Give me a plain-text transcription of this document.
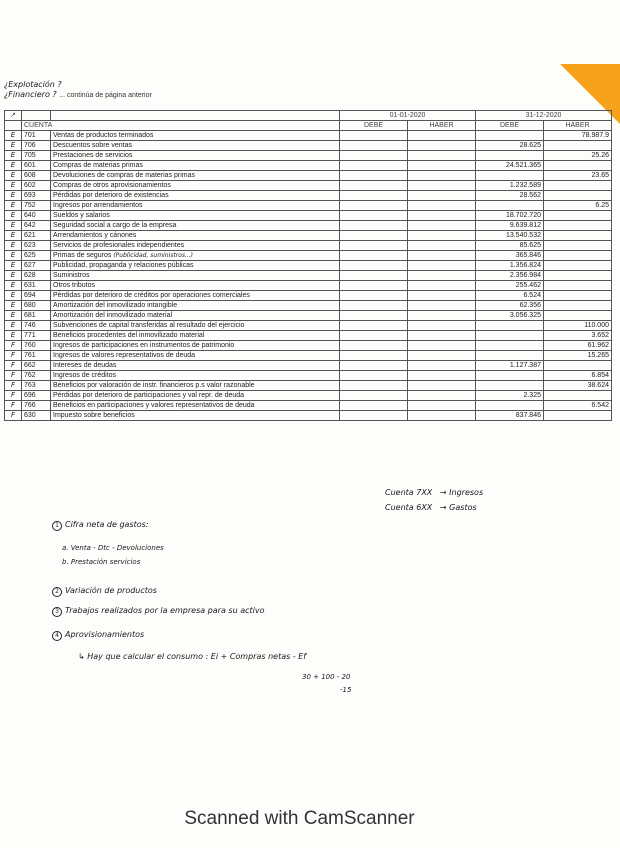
¿Explotación ?
¿Financiero ? ... continúa de página anterior
↗			01-01-2020		31-12-2020	
	CUENTA		DEBE	HABER	DEBE	HABER
E	701	Ventas de productos terminados				78.987.9
E	706	Descuentos sobre ventas			28.625	
E	705	Prestaciones de servicios				25.26
E	601	Compras de materias primas			24.521.365	
E	608	Devoluciones de compras de materias primas				23.65
E	602	Compras de otros aprovisionamientos			1.232.589	
E	693	Pérdidas por deterioro de existencias			28.562	
E	752	Ingresos por arrendamientos				6.25
E	640	Sueldos y salarios			18.702.720	
E	642	Seguridad social a cargo de la empresa			9.639.812	
E	621	Arrendamientos y cánones			13.540.532	
E	623	Servicios de profesionales independientes			85.625	
E	625	Primas de seguros (Publicidad, suministros...)			365.846	
E	627	Publicidad, propaganda y relaciones públicas			1.356.824	
E	628	Suministros			2.356.984	
E	631	Otros tributos			255.462	
E	694	Pérdidas por deterioro de créditos por operaciones comerciales			6.524	
E	680	Amortización del inmovilizado intangible			62.356	
E	681	Amortización del inmovilizado material			3.056.325	
E	746	Subvenciones de capital transferidas al resultado del ejercicio				110.000
E	771	Beneficios procedentes del inmovilizado material				3.652
F	760	Ingresos de participaciones en instrumentos de patrimonio				61.962
F	761	Ingresos de valores representativos de deuda				15.265
F	662	Intereses de deudas			1.127.387	
F	762	Ingresos de créditos				6.854
F	763	Beneficios por valoración de instr. financieros p.s valor razonable				38.624
F	696	Pérdidas por deterioro de participaciones y val repr. de deuda			2.325	
F	766	Beneficios en participaciones y valores representativos de deuda				6.542
F	630	Impuesto sobre beneficios			837.846	
Cuenta 7XX → Ingresos
Cuenta 6XX → Gastos
1 Cifra neta de gastos:
a. Venta - Dtc - Devoluciones
b. Prestación servicios
2 Variación de productos
3 Trabajos realizados por la empresa para su activo
4 Aprovisionamientos
↳ Hay que calcular el consumo : Ei + Compras netas - Ef
30 + 100 - 20
-15
Scanned with CamScanner
